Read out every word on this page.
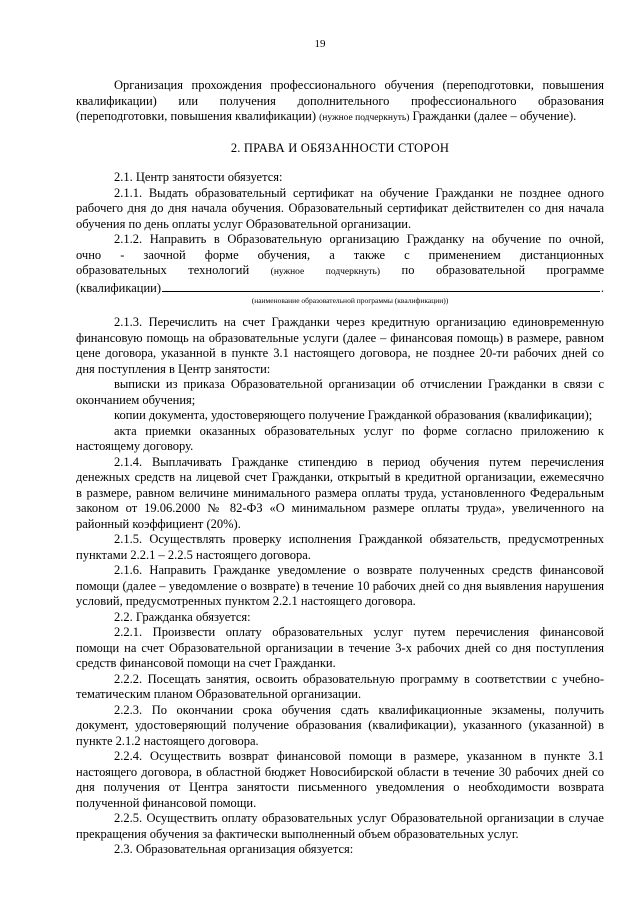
19
Организация прохождения профессионального обучения (переподготовки, повышения
квалификации) или получения дополнительного профессионального образования
(переподготовки, повышения квалификации) (нужное подчеркнуть) Гражданки (далее – обучение).
2. ПРАВА И ОБЯЗАННОСТИ СТОРОН
2.1. Центр занятости обязуется:
2.1.1. Выдать образовательный сертификат на обучение Гражданки не позднее одного
рабочего дня до дня начала обучения. Образовательный сертификат действителен со дня начала
обучения по день оплаты услуг Образовательной организации.
2.1.2. Направить в Образовательную организацию Гражданку на обучение по очной,
очно - заочной форме обучения, а также с применением дистанционных
образовательных технологий (нужное подчеркнуть) по образовательной программе
(квалификации)	.
(наименование образовательной программы (квалификации))
2.1.3. Перечислить на счет Гражданки через кредитную организацию единовременную
финансовую помощь на образовательные услуги (далее – финансовая помощь) в размере, равном
цене договора, указанной в пункте 3.1 настоящего договора, не позднее 20-ти рабочих дней со
дня поступления в Центр занятости:
выписки из приказа Образовательной организации об отчислении Гражданки в связи с
окончанием обучения;
копии документа, удостоверяющего получение Гражданкой образования (квалификации);
акта приемки оказанных образовательных услуг по форме согласно приложению к
настоящему договору.
2.1.4. Выплачивать Гражданке стипендию в период обучения путем перечисления
денежных средств на лицевой счет Гражданки, открытый в кредитной организации, ежемесячно
в размере, равном величине минимального размера оплаты труда, установленного Федеральным
законом от 19.06.2000 № 82-ФЗ «О минимальном размере оплаты труда», увеличенного на
районный коэффициент (20%).
2.1.5. Осуществлять проверку исполнения Гражданкой обязательств, предусмотренных
пунктами 2.2.1 – 2.2.5 настоящего договора.
2.1.6. Направить Гражданке уведомление о возврате полученных средств финансовой
помощи (далее – уведомление о возврате) в течение 10 рабочих дней со дня выявления нарушения
условий, предусмотренных пунктом 2.2.1 настоящего договора.
2.2. Гражданка обязуется:
2.2.1. Произвести оплату образовательных услуг путем перечисления финансовой
помощи на счет Образовательной организации в течение 3-х рабочих дней со дня поступления
средств финансовой помощи на счет Гражданки.
2.2.2. Посещать занятия, освоить образовательную программу в соответствии с учебно-
тематическим планом Образовательной организации.
2.2.3. По окончании срока обучения сдать квалификационные экзамены, получить
документ, удостоверяющий получение образования (квалификации), указанного (указанной) в
пункте 2.1.2 настоящего договора.
2.2.4. Осуществить возврат финансовой помощи в размере, указанном в пункте 3.1
настоящего договора, в областной бюджет Новосибирской области в течение 30 рабочих дней со
дня получения от Центра занятости письменного уведомления о необходимости возврата
полученной финансовой помощи.
2.2.5. Осуществить оплату образовательных услуг Образовательной организации в случае
прекращения обучения за фактически выполненный объем образовательных услуг.
2.3. Образовательная организация обязуется:
